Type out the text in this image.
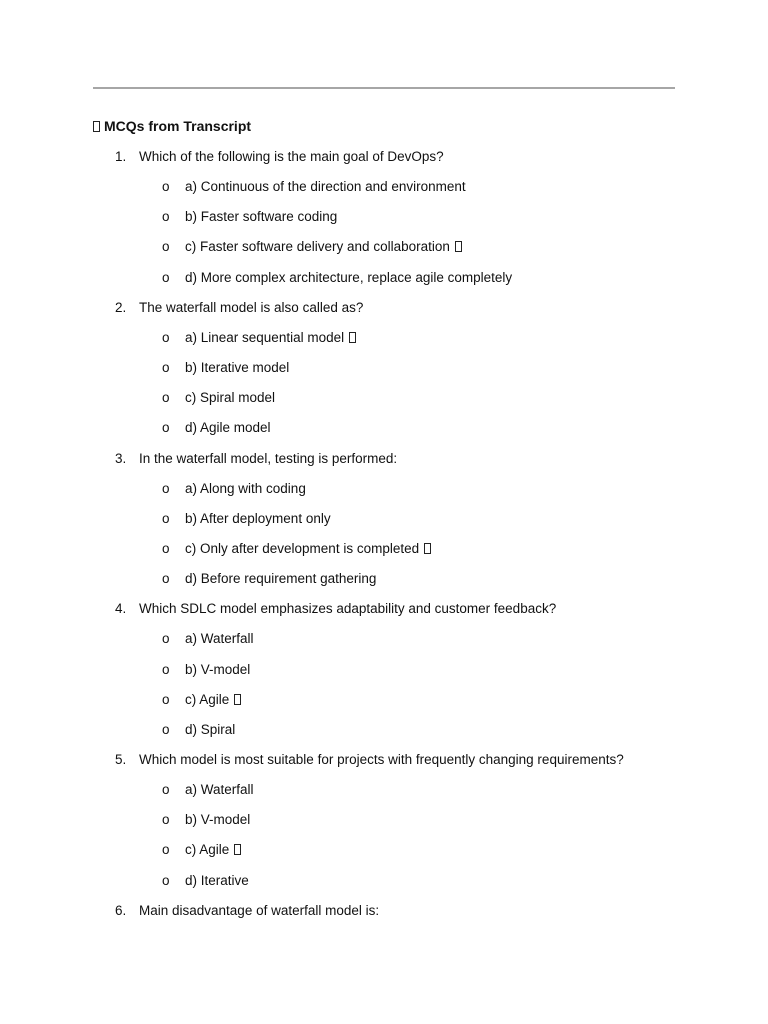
MCQs from Transcript
1. Which of the following is the main goal of DevOps?
o a) Continuous of the direction and environment
o b) Faster software coding
o c) Faster software delivery and collaboration
o d) More complex architecture, replace agile completely
2. The waterfall model is also called as?
o a) Linear sequential model
o b) Iterative model
o c) Spiral model
o d) Agile model
3. In the waterfall model, testing is performed:
o a) Along with coding
o b) After deployment only
o c) Only after development is completed
o d) Before requirement gathering
4. Which SDLC model emphasizes adaptability and customer feedback?
o a) Waterfall
o b) V-model
o c) Agile
o d) Spiral
5. Which model is most suitable for projects with frequently changing requirements?
o a) Waterfall
o b) V-model
o c) Agile
o d) Iterative
6. Main disadvantage of waterfall model is:
